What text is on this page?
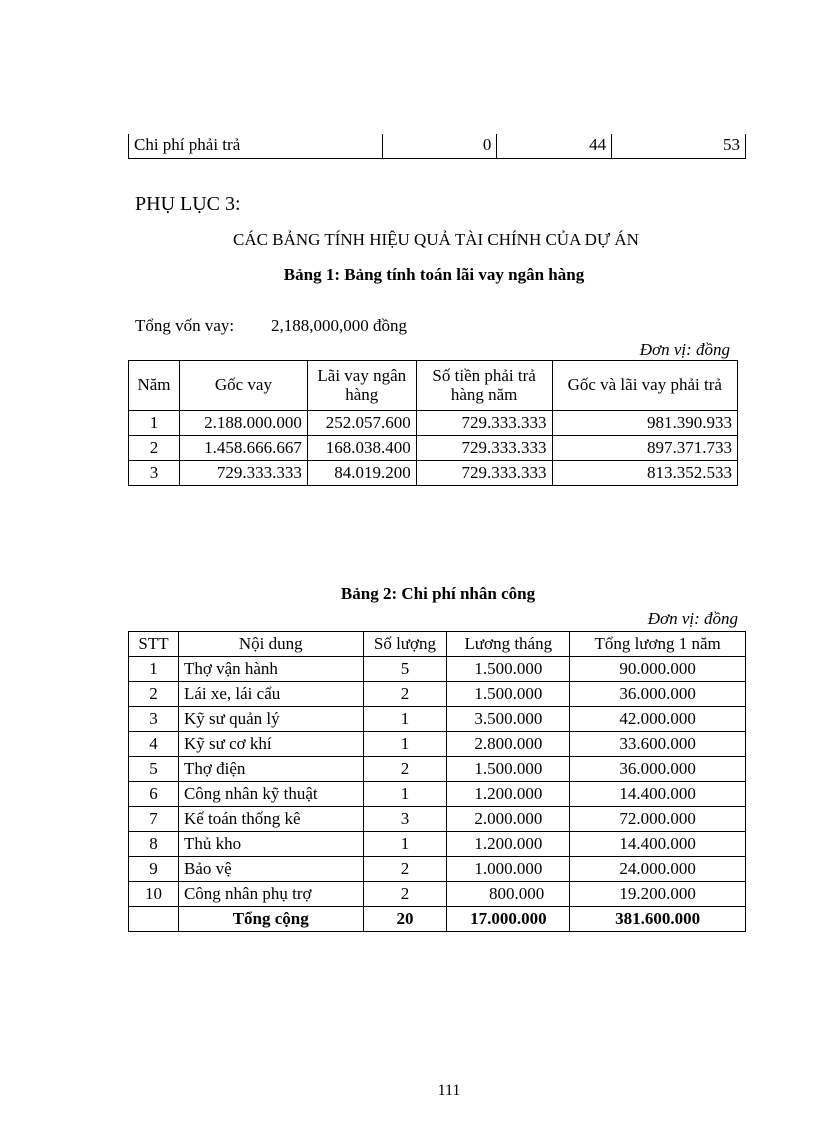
Chi phí phải trả	0	44	53
PHỤ LỤC 3:
CÁC BẢNG TÍNH HIỆU QUẢ TÀI CHÍNH CỦA DỰ ÁN
Bảng 1: Bảng tính toán lãi vay ngân hàng
Tổng vốn vay: 2,188,000,000 đồng
Đơn vị: đồng
Năm	Gốc vay	Lãi vay ngân hàng	Số tiền phải trả hàng năm	Gốc và lãi vay phải trả
1	2.188.000.000	252.057.600	729.333.333	981.390.933
2	1.458.666.667	168.038.400	729.333.333	897.371.733
3	729.333.333	84.019.200	729.333.333	813.352.533
Bảng 2: Chi phí nhân công
Đơn vị: đồng
STT	Nội dung	Số lượng	Lương tháng	Tổng lương 1 năm
1	Thợ vận hành	5	1.500.000	90.000.000
2	Lái xe, lái cẩu	2	1.500.000	36.000.000
3	Kỹ sư quản lý	1	3.500.000	42.000.000
4	Kỹ sư cơ khí	1	2.800.000	33.600.000
5	Thợ điện	2	1.500.000	36.000.000
6	Công nhân kỹ thuật	1	1.200.000	14.400.000
7	Kế toán thống kê	3	2.000.000	72.000.000
8	Thủ kho	1	1.200.000	14.400.000
9	Bảo vệ	2	1.000.000	24.000.000
10	Công nhân phụ trợ	2	800.000	19.200.000
	Tổng cộng	20	17.000.000	381.600.000
111
